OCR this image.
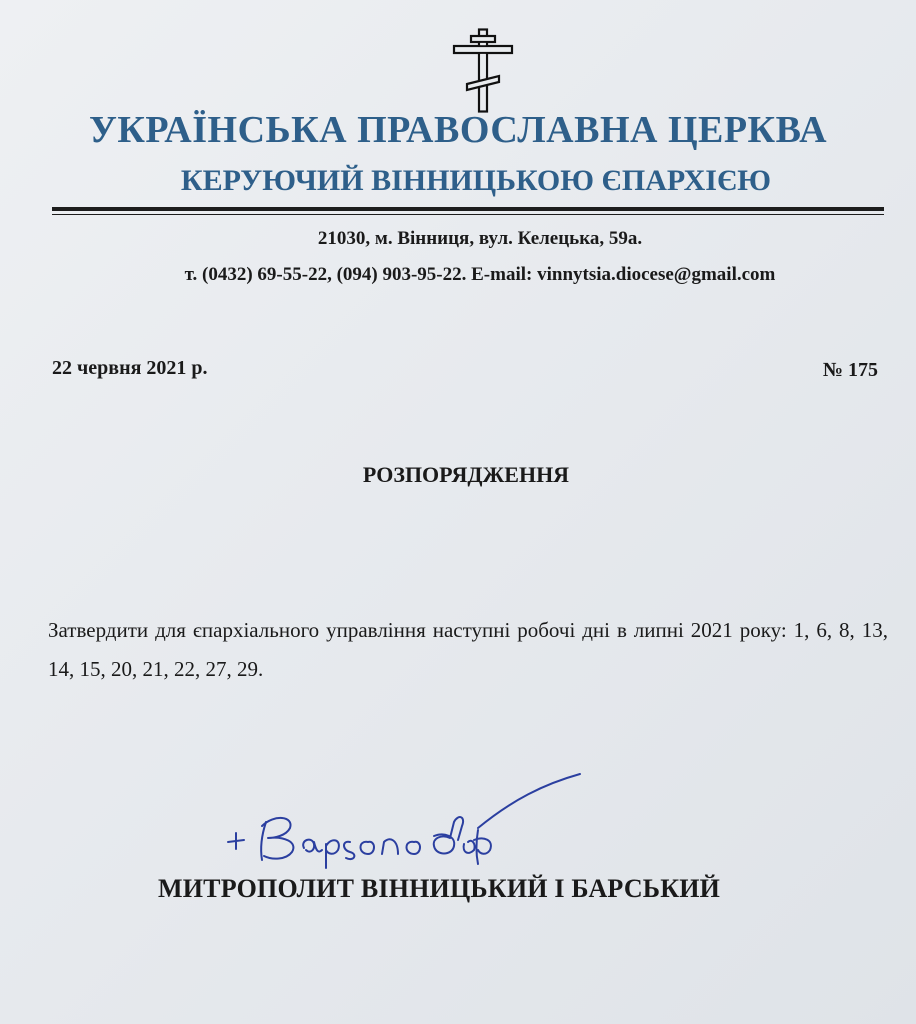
УКРАЇНСЬКА ПРАВОСЛАВНА ЦЕРКВА
КЕРУЮЧИЙ ВІННИЦЬКОЮ ЄПАРХІЄЮ
21030, м. Вінниця, вул. Келецька, 59а.
т. (0432) 69-55-22, (094) 903-95-22. E-mail: vinnytsia.diocese@gmail.com
22 червня 2021 р.	№ 175
РОЗПОРЯДЖЕННЯ
Затвердити для єпархіального управління наступні робочі дні в липні 2021 року: 1, 6, 8, 13, 14, 15, 20, 21, 22, 27, 29.
МИТРОПОЛИТ ВІННИЦЬКИЙ І БАРСЬКИЙ
